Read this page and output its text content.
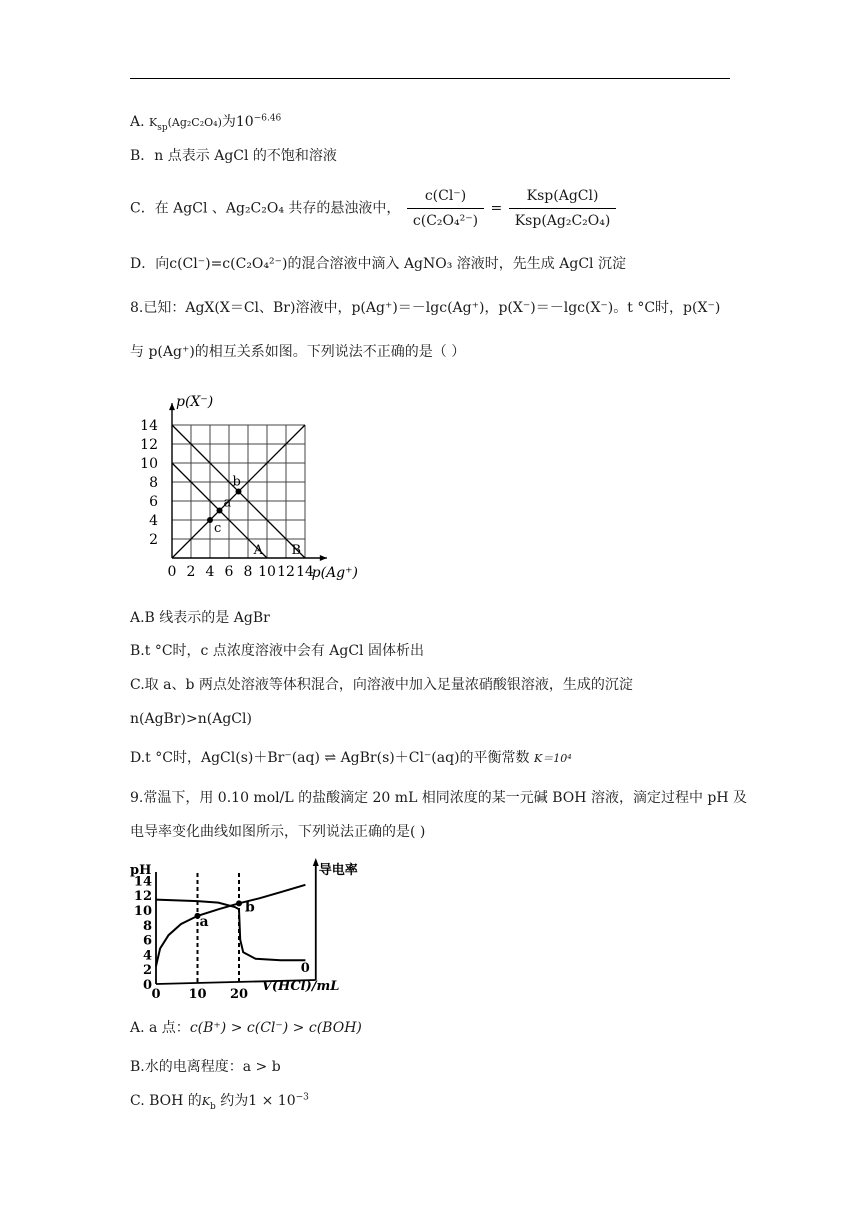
A. $K_{sp}(Ag_2C_2O_4)$为$10^{-6.46}$
B．n 点表示 AgCl 的不饱和溶液
C．在 AgCl 、Ag₂C₂O₄ 共存的悬浊液中， $\frac{c(Cl^-)}{\text{c(C₂O₄²⁻)}} = \frac{\text{Ksp(AgCl)}}{\text{Ksp(Ag₂C₂O₄)}}$
D．向c(Cl⁻)=c(C₂O₄²⁻)的混合溶液中滴入 AgNO₃ 溶液时，先生成 AgCl 沉淀
8.已知：AgX(X＝Cl、Br)溶液中，p(Ag⁺)＝－lgc(Ag⁺)，p(X⁻)＝－lgc(X⁻)。t °C时，p(X⁻)
与 p(Ag⁺)的相互关系如图。下列说法不正确的是（ ）
0 2 4 6 8 10 12 14
2
4
6
8
10
12
14
p(X⁻)
p(Ag⁺)
A B
a
b
c
A.B 线表示的是 AgBr
B.t °C时，c 点浓度溶液中会有 AgCl 固体析出
C.取 a、b 两点处溶液等体积混合，向溶液中加入足量浓硝酸银溶液，生成的沉淀
n(AgBr)>n(AgCl)
D.t °C时，AgCl(s)＋Br⁻(aq) ⇌ AgBr(s)＋Cl⁻(aq)的平衡常数 K＝10⁴
9.常温下，用 0.10 mol/L 的盐酸滴定 20 mL 相同浓度的某一元碱 BOH 溶液，滴定过程中 pH 及
电导率变化曲线如图所示，下列说法正确的是( )
pH	导电率
V(HCl)/mL
0
2
4
6
8
10
12
14
0
0 10 20
a
b
A. a 点：c(B⁺) > c(Cl⁻) > c(BOH)
B.水的电离程度：a > b
C. BOH 的$K_b$ 约为$1 \times 10^{-3}$
